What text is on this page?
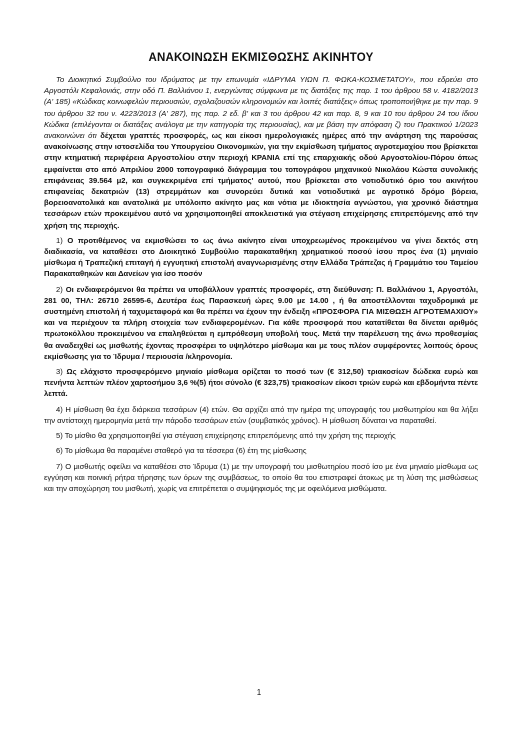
ΑΝΑΚΟΙΝΩΣΗ ΕΚΜΙΣΘΩΣΗΣ ΑΚΙΝΗΤΟΥ

Το Διοικητικό Συμβούλιο του Ιδρύματος με την επωνυμία «ΙΔΡΥΜΑ ΥΙΩΝ Π. ΦΩΚΑ-ΚΟΣΜΕΤΑΤΟΥ», που εδρεύει στο Αργοστόλι Κεφαλονιάς, στην οδό Π. Βαλλιάνου 1, ενεργώντας σύμφωνα με τις διατάξεις της παρ. 1 του άρθρου 58 ν. 4182/2013 (Α' 185) «Κώδικας κοινωφελών περιουσιών, σχολαζουσών κληρονομιών και λοιπές διατάξεις» όπως τροποποιήθηκε με την παρ. 9 του άρθρου 32 του ν. 4223/2013 (Α' 287), της παρ. 2 εδ. β' και 3 του άρθρου 42 και παρ. 8, 9 και 10 του άρθρου 24 του ίδιου Κώδικα (επιλέγονται οι διατάξεις ανάλογα με την κατηγορία της περιουσίας), και με βάση την απόφαση ζ) του Πρακτικού 1/2023 ανακοινώνει ότι δέχεται γραπτές προσφορές, ως και είκοσι ημερολογιακές ημέρες από την ανάρτηση της παρούσας ανακοίνωσης στην ιστοσελίδα του Υπουργείου Οικονομικών, για την εκμίσθωση τμήματος αγροτεμαχίου που βρίσκεται στην κτηματική περιφέρεια Αργοστολίου στην περιοχή ΚΡΑΝΙΑ επί της επαρχιακής οδού Αργοστολίου-Πόρου όπως εμφαίνεται στο από Απριλίου 2000 τοπογραφικό διάγραμμα του τοπογράφου μηχανικού Νικολάου Κώστα συνολικής επιφάνειας 39.564 μ2, και συγκεκριμένα επί τμήματος' αυτού, που βρίσκεται στο νοτιοδυτικό όριο του ακινήτου επιφανείας δεκατριών (13) στρεμμάτων και συνορεύει δυτικά και νοτιοδυτικά με αγροτικό δρόμο βόρεια, βορειοανατολικά και ανατολικά με υπόλοιπο ακίνητο μας και νότια με ιδιοκτησία αγνώστου, για χρονικό διάστημα τεσσάρων ετών προκειμένου αυτό να χρησιμοποιηθεί αποκλειστικά για στέγαση επιχείρησης επιτρεπόμενης από την χρήση της περιοχής.

1) Ο προτιθέμενος να εκμισθώσει το ως άνω ακίνητο είναι υποχρεωμένος προκειμένου να γίνει δεκτός στη διαδικασία, να καταθέσει στο Διοικητικό Συμβούλιο παρακαταθήκη χρηματικού ποσού ίσου προς ένα (1) μηνιαίο μίσθωμα ή Τραπεζική επιταγή ή εγγυητική επιστολή αναγνωρισμένης στην Ελλάδα Τράπεζας ή Γραμμάτιο του Ταμείου Παρακαταθηκών και Δανείων για ίσο ποσόν

2) Οι ενδιαφερόμενοι θα πρέπει να υποβάλλουν γραπτές προσφορές, στη διεύθυνση: Π. Βαλλιάνου 1, Αργοστόλι, 281 00, ΤΗΛ: 26710 26595-6, Δευτέρα έως Παρασκευή ώρες 9.00 με 14.00 , ή θα αποστέλλονται ταχυδρομικά με συστημένη επιστολή ή ταχυμεταφορά και θα πρέπει να έχουν την ένδειξη «ΠΡΟΣΦΟΡΑ ΓΙΑ ΜΙΣΘΩΣΗ ΑΓΡΟΤΕΜΑΧΙΟΥ» και να περιέχουν τα πλήρη στοιχεία των ενδιαφερομένων. Για κάθε προσφορά που κατατίθεται θα δίνεται αριθμός πρωτοκόλλου προκειμένου να επαληθεύεται η εμπρόθεσμη υποβολή τους. Μετά την παρέλευση της άνω προθεσμίας θα αναδειχθεί ως μισθωτής έχοντας προσφέρει το υψηλότερο μίσθωμα και με τους πλέον συμφέροντες λοιπούς όρους εκμίσθωσης για το Ίδρυμα / περιουσία /κληρονομία.

3) Ως ελάχιστο προσφερόμενο μηνιαίο μίσθωμα ορίζεται το ποσό των (€ 312,50) τριακοσίων δώδεκα ευρώ και πενήντα λεπτών πλέον χαρτοσήμου 3,6 %(5) ήτοι σύνολο (€ 323,75) τριακοσίων είκοσι τριών ευρώ και εβδομήντα πέντε λεπτά.

4) Η μίσθωση θα έχει διάρκεια τεσσάρων (4) ετών. Θα αρχίζει από την ημέρα της υπογραφής του μισθωτηρίου και θα λήξει την αντίστοιχη ημερομηνία μετά την πάροδο τεσσάρων ετών (συμβατικός χρόνος). Η μίσθωση δύναται να παραταθεί.

5) Το μίσθιο θα χρησιμοποιηθεί για στέγαση επιχείρησης επιτρεπόμενης από την χρήση της περιοχής

6) Το μίσθωμα θα παραμένει σταθερό για τα τέσσερα (6) έτη της μίσθωσης

7) Ο μισθωτής οφείλει να καταθέσει στο Ίδρυμα (1) με την υπογραφή του μισθωτηρίου ποσό ίσο με ένα μηνιαίο μίσθωμα ως εγγύηση και ποινική ρήτρα τήρησης των όρων της συμβάσεως, το οποίο θα του επιστραφεί άτοκως με τη λύση της μισθώσεως και την αποχώρηση του μισθωτή, χωρίς να επιτρέπεται ο συμψηφισμός της με οφειλόμενα μισθώματα.

1
